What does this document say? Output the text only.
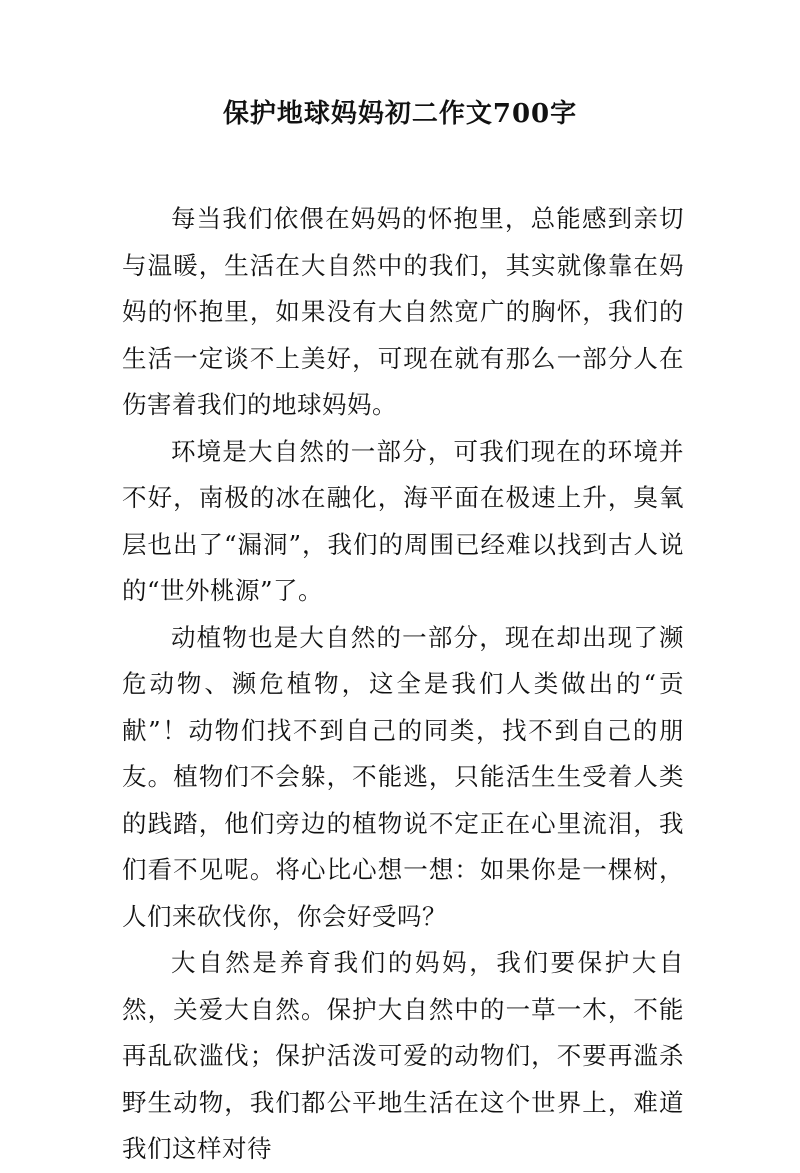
保护地球妈妈初二作文700字

每当我们依偎在妈妈的怀抱里，总能感到亲切与温暖，生活在大自然中的我们，其实就像靠在妈妈的怀抱里，如果没有大自然宽广的胸怀，我们的生活一定谈不上美好，可现在就有那么一部分人在伤害着我们的地球妈妈。

环境是大自然的一部分，可我们现在的环境并不好，南极的冰在融化，海平面在极速上升，臭氧层也出了“漏洞”，我们的周围已经难以找到古人说的“世外桃源”了。

动植物也是大自然的一部分，现在却出现了濒危动物、濒危植物，这全是我们人类做出的“贡献”！动物们找不到自己的同类，找不到自己的朋友。植物们不会躲，不能逃，只能活生生受着人类的践踏，他们旁边的植物说不定正在心里流泪，我们看不见呢。将心比心想一想：如果你是一棵树，人们来砍伐你，你会好受吗？

大自然是养育我们的妈妈，我们要保护大自然，关爱大自然。保护大自然中的一草一木，不能再乱砍滥伐；保护活泼可爱的动物们，不要再滥杀野生动物，我们都公平地生活在这个世界上，难道我们这样对待
